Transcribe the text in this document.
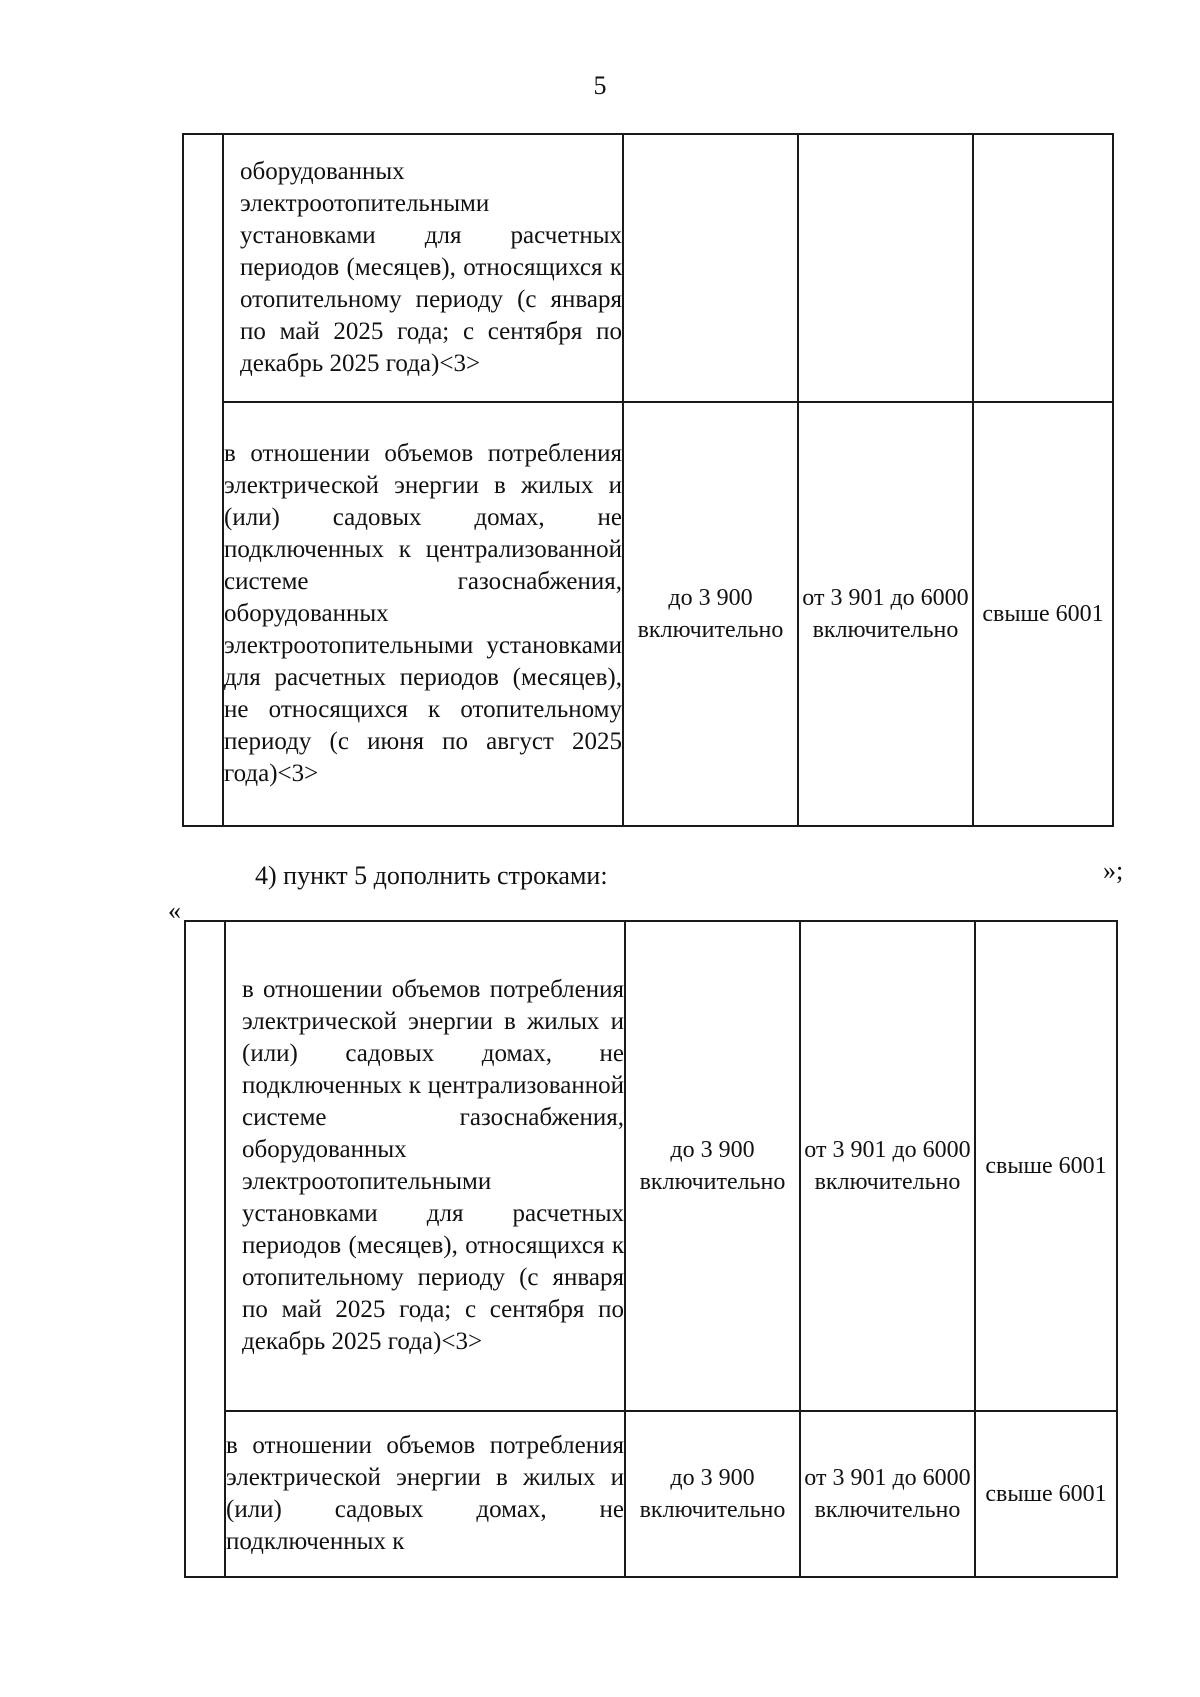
5
	оборудованных электроотопительными установками для расчетных периодов (месяцев), относящихся к отопительному периоду (с января по май 2025 года; с сентября по декабрь 2025 года)<3>			
	в отношении объемов потребления электрической энергии в жилых и (или) садовых домах, не подключенных к централизованной системе газоснабжения, оборудованных электроотопительными установками для расчетных периодов (месяцев), не относящихся к отопительному периоду (с июня по август 2025 года)<3>	до 3 900 включительно	от 3 901 до 6000 включительно	свыше 6001
»;
4) пункт 5 дополнить строками:
«
	в отношении объемов потребления электрической энергии в жилых и (или) садовых домах, не подключенных к централизованной системе газоснабжения, оборудованных электроотопительными установками для расчетных периодов (месяцев), относящихся к отопительному периоду (с января по май 2025 года; с сентября по декабрь 2025 года)<3>	до 3 900 включительно	от 3 901 до 6000 включительно	свыше 6001
	в отношении объемов потребления электрической энергии в жилых и (или) садовых домах, не подключенных к	до 3 900 включительно	от 3 901 до 6000 включительно	свыше 6001
